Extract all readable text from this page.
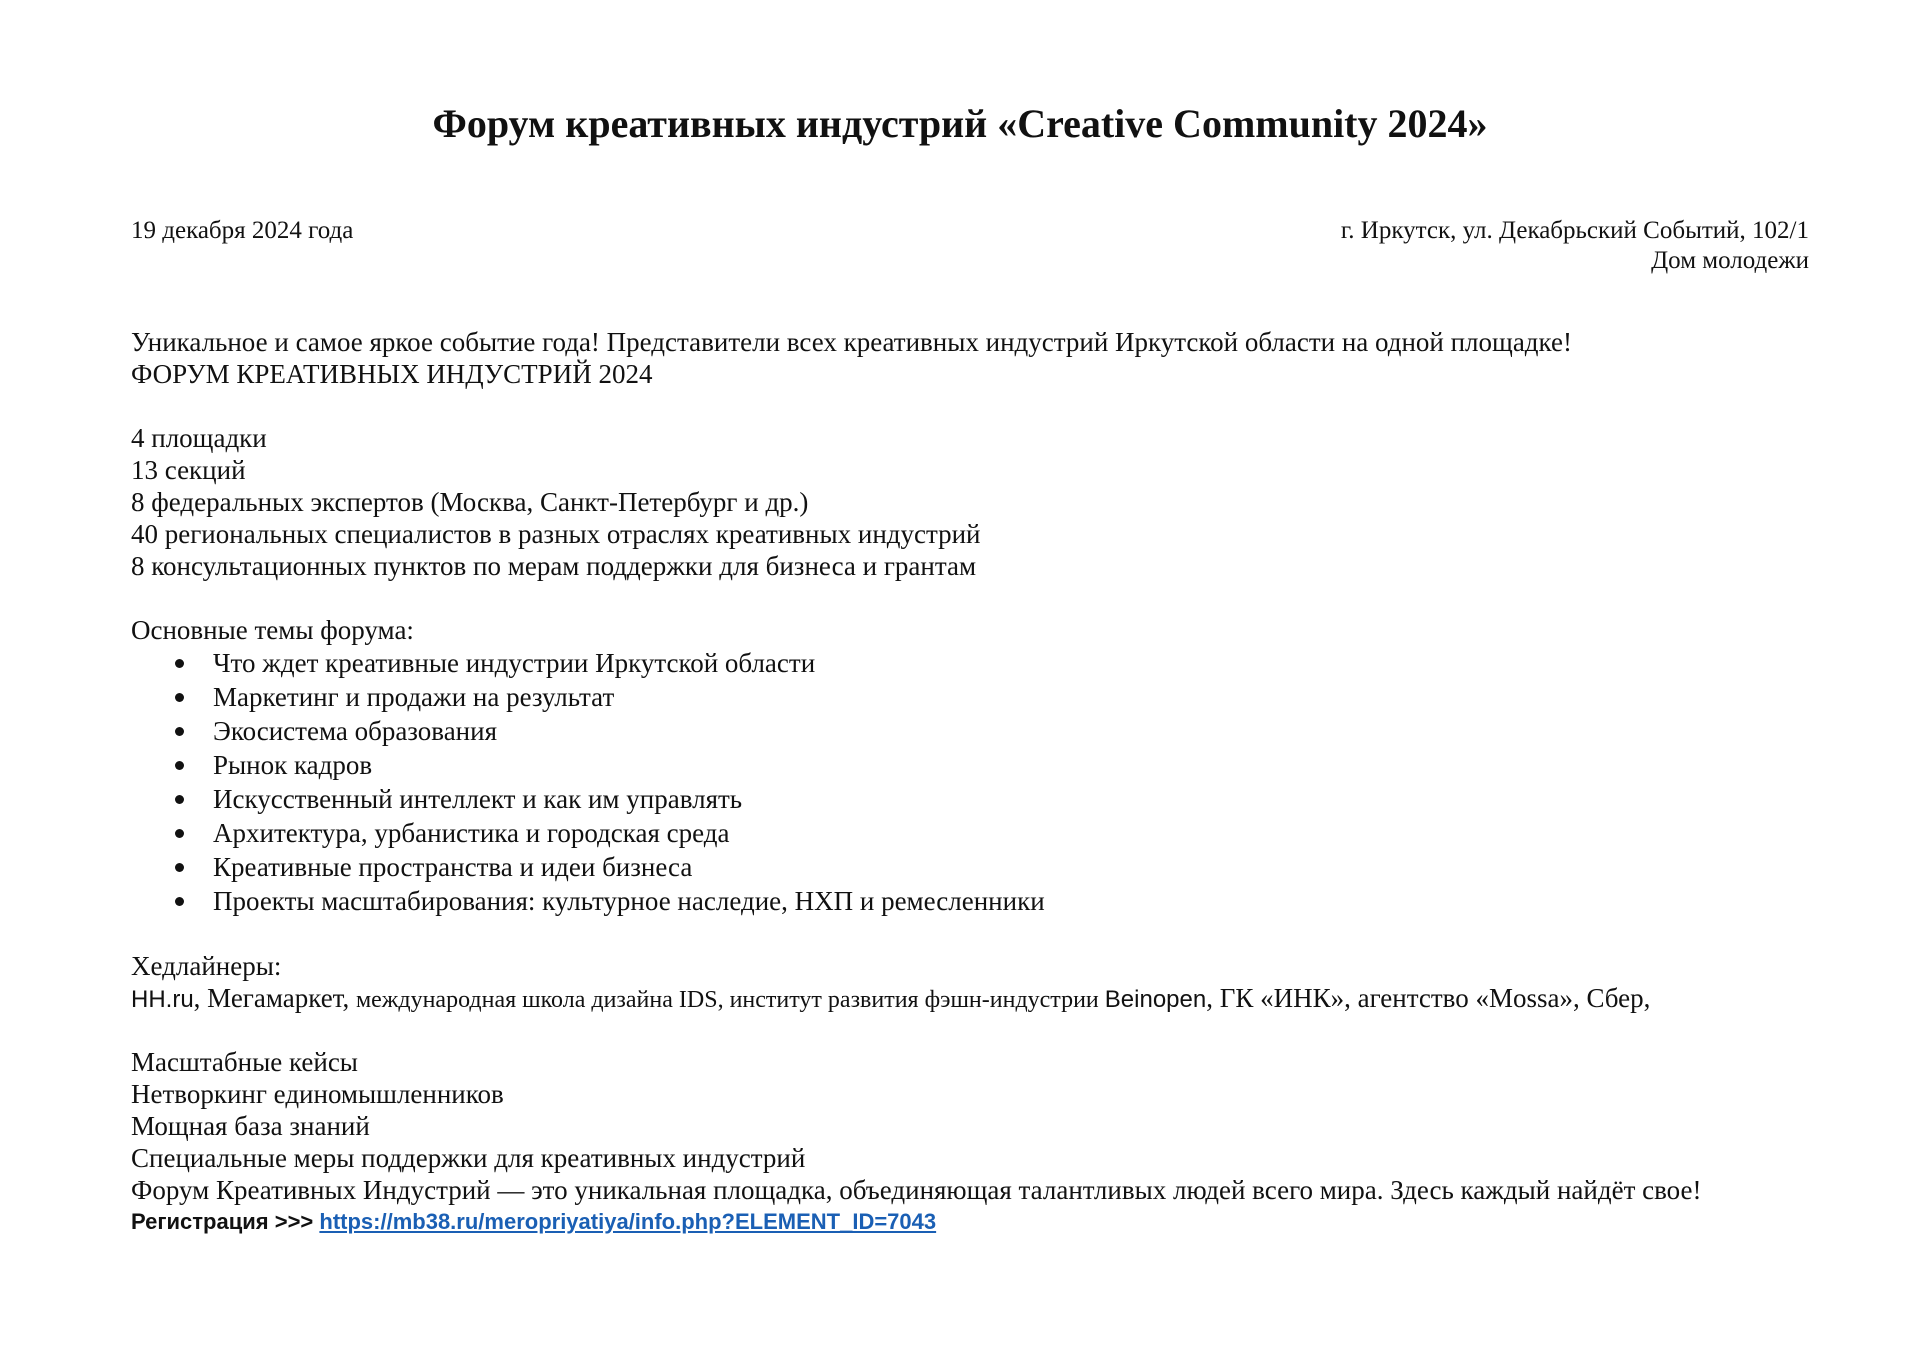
Форум креативных индустрий «Creative Community 2024»
19 декабря 2024 года	г. Иркутск, ул. Декабрьский Событий, 102/1
Дом молодежи
Уникальное и самое яркое событие года! Представители всех креативных индустрий Иркутской области на одной площадке!
ФОРУМ КРЕАТИВНЫХ ИНДУСТРИЙ 2024
4 площадки
13 секций
8 федеральных экспертов (Москва, Санкт-Петербург и др.)
40 региональных специалистов в разных отраслях креативных индустрий
8 консультационных пунктов по мерам поддержки для бизнеса и грантам
Основные темы форума:
Что ждет креативные индустрии Иркутской области
Маркетинг и продажи на результат
Экосистема образования
Рынок кадров
Искусственный интеллект и как им управлять
Архитектура, урбанистика и городская среда
Креативные пространства и идеи бизнеса
Проекты масштабирования: культурное наследие, НХП и ремесленники
Хедлайнеры:
HH.ru, Мегамаркет, международная школа дизайна IDS, институт развития фэшн-индустрии Beinopen, ГК «ИНК», агентство «Mossa», Сбер,
Масштабные кейсы
Нетворкинг единомышленников
Мощная база знаний
Специальные меры поддержки для креативных индустрий
Форум Креативных Индустрий — это уникальная площадка, объединяющая талантливых людей всего мира. Здесь каждый найдёт свое!
Регистрация >>> https://mb38.ru/meropriyatiya/info.php?ELEMENT_ID=7043
